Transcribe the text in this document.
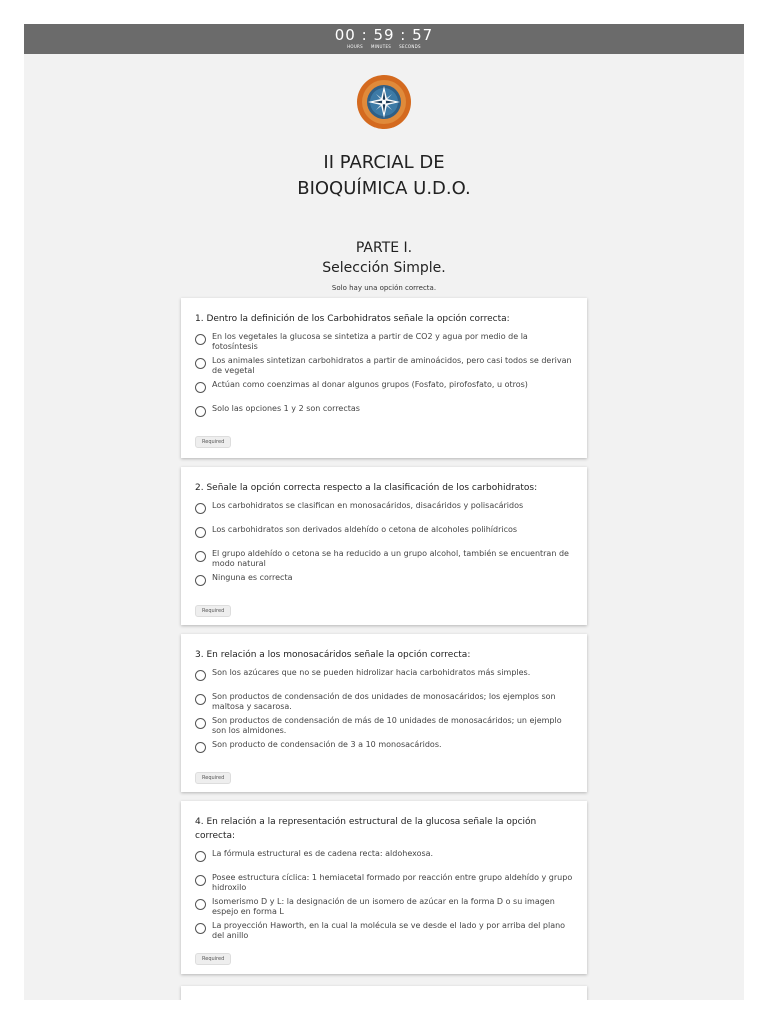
00 : 59 : 57
HOURS MINUTES SECONDS
II PARCIAL DE
BIOQUÍMICA U.D.O.
PARTE I.
Selección Simple.
Solo hay una opción correcta.
1. Dentro la definición de los Carbohidratos señale la opción correcta:
En los vegetales la glucosa se sintetiza a partir de CO2 y agua por medio de la fotosíntesis
Los animales sintetizan carbohidratos a partir de aminoácidos, pero casi todos se derivan de vegetal
Actúan como coenzimas al donar algunos grupos (Fosfato, pirofosfato, u otros)
Solo las opciones 1 y 2 son correctas
Required
2. Señale la opción correcta respecto a la clasificación de los carbohidratos:
Los carbohidratos se clasifican en monosacáridos, disacáridos y polisacáridos
Los carbohidratos son derivados aldehído o cetona de alcoholes polihídricos
El grupo aldehído o cetona se ha reducido a un grupo alcohol, también se encuentran de modo natural
Ninguna es correcta
Required
3. En relación a los monosacáridos señale la opción correcta:
Son los azúcares que no se pueden hidrolizar hacia carbohidratos más simples.
Son productos de condensación de dos unidades de monosacáridos; los ejemplos son maltosa y sacarosa.
Son productos de condensación de más de 10 unidades de monosacáridos; un ejemplo son los almidones.
Son producto de condensación de 3 a 10 monosacáridos.
Required
4. En relación a la representación estructural de la glucosa señale la opción correcta:
La fórmula estructural es de cadena recta: aldohexosa.
Posee estructura cíclica: 1 hemiacetal formado por reacción entre grupo aldehído y grupo hidroxilo
Isomerismo D y L: la designación de un isomero de azúcar en la forma D o su imagen espejo en forma L
La proyección Haworth, en la cual la molécula se ve desde el lado y por arriba del plano del anillo
Required
